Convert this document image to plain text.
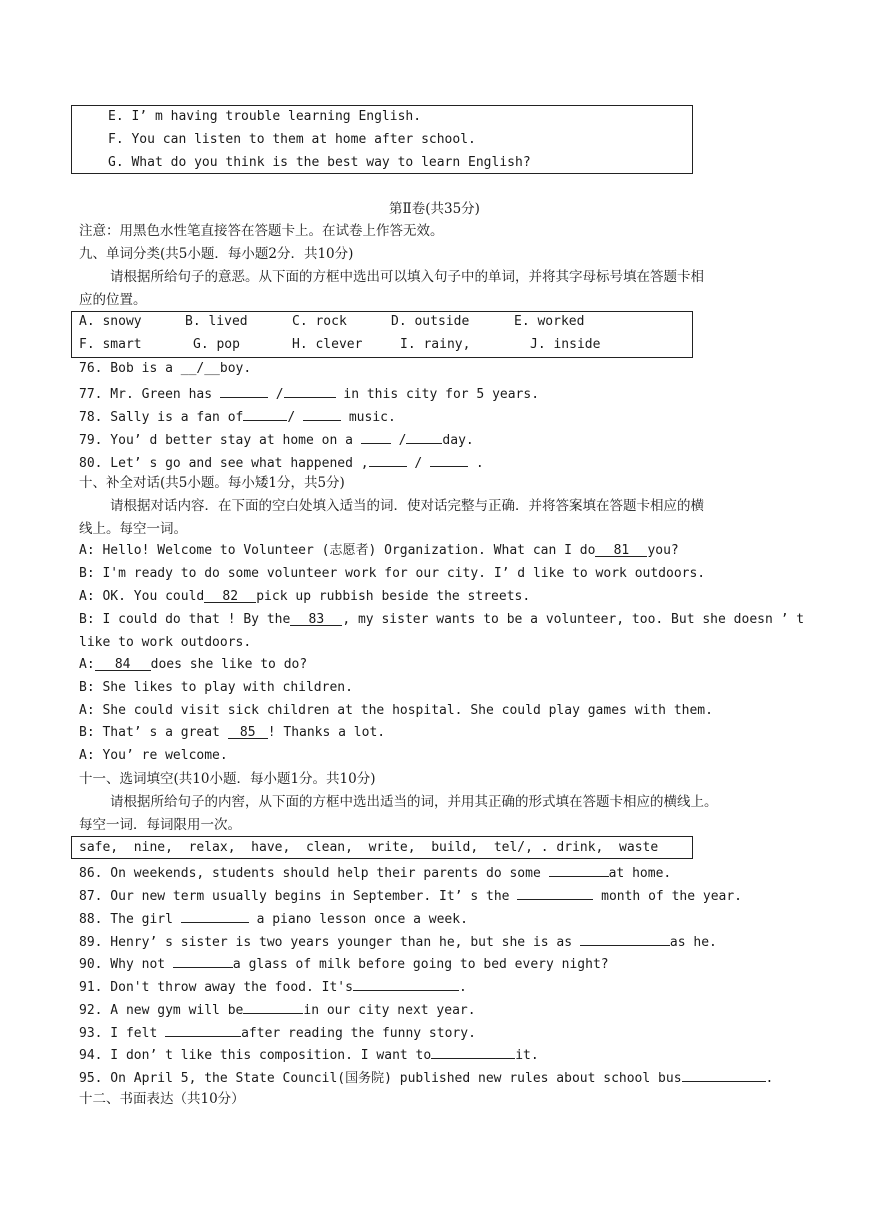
E. I’ m having trouble learning English.
F. You can listen to them at home after school.
G. What do you think is the best way to learn English?
第Ⅱ卷(共35分)
注意：用黑色水性笔直接答在答题卡上。在试卷上作答无效。
九、单词分类(共5小题．每小题2分．共10分)
请根据所给句子的意恶。从下面的方框中选出可以填入句子中的单词，并将其字母标号填在答题卡相
应的位置。
A. snowy	B. lived	C. rock	D. outside	E. worked
F. smart	G. pop	H. clever	I. rainy,	J. inside
76. Bob is a __/__boy.
77. Mr. Green has	/	in this city for 5 years.
78. Sally is a fan of	/	music.
79. You’ d better stay at home on a  /	day.
80. Let’ s go and see what happened ,	/	.
十、补全对话(共5小题。每小矮1分，共5分)
请根据对话内容．在下面的空白处填入适当的词．使对话完整与正确．并将答案填在答题卡相应的横
线上。每空一词。
A: Hello! Welcome to Volunteer (志愿者) Organization. What can I do 81 you?
B: I'm ready to do some volunteer work for our city. I’ d like to work outdoors.
A: OK. You could 82 pick up rubbish beside the streets.
B: I could do that ! By the 83 , my sister wants to be a volunteer, too. But she doesn ’ t
like to work outdoors.
A: 84 does she like to do?
B: She likes to play with children.
A: She could visit sick children at the hospital. She could play games with them.
B: That’ s a great 85 ! Thanks a lot.
A: You’ re welcome.
十一、选词填空(共10小题．每小题1分。共10分)
请根据所给句子的内窖，从下面的方框中选出适当的词，并用其正确的形式填在答题卡相应的横线上。
每空一词．每词限用一次。
safe,  nine,  relax,  have,  clean,  write,  build,  tel/, . drink,  waste
86. On weekends, students should help their parents do some	at home.
87. Our new term usually begins in September. It’ s the	month of the year.
88. The girl	a piano lesson once a week.
89. Henry’ s sister is two years younger than he, but she is as	as he.
90. Why not	a glass of milk before going to bed every night?
91. Don't throw away the food. It's	.
92. A new gym will be	in our city next year.
93. I felt	after reading the funny story.
94. I don’ t like this composition. I want to	it.
95. On April 5, the State Council(国务院) published new rules about school bus	.
十二、书面表达（共10分）
